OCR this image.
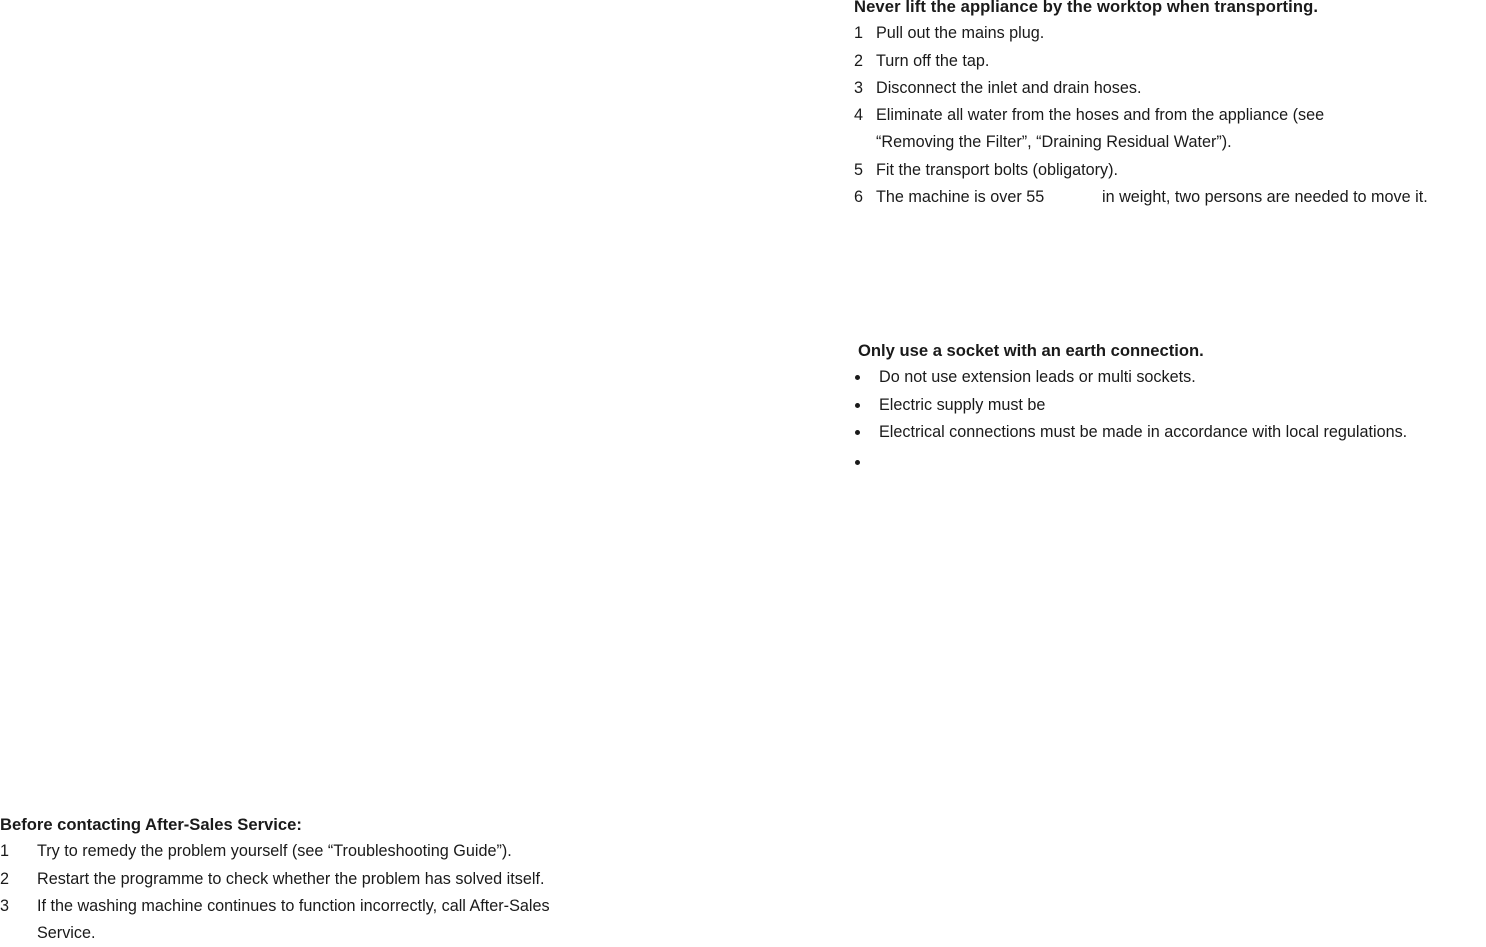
Never lift the appliance by the worktop when transporting.
1 Pull out the mains plug.
2 Turn off the tap.
3 Disconnect the inlet and drain hoses.
4 Eliminate all water from the hoses and from the appliance (see
“Removing the Filter”, “Draining Residual Water”).
5 Fit the transport bolts (obligatory).
6 The machine is over 55	in weight, two persons are needed to move it.
Only use a socket with an earth connection.
Do not use extension leads or multi sockets.
Electric supply must be
Electrical connections must be made in accordance with local regulations.
Before contacting After-Sales Service:
1 Try to remedy the problem yourself (see “Troubleshooting Guide”).
2 Restart the programme to check whether the problem has solved itself.
3 If the washing machine continues to function incorrectly, call After-Sales
Service.
